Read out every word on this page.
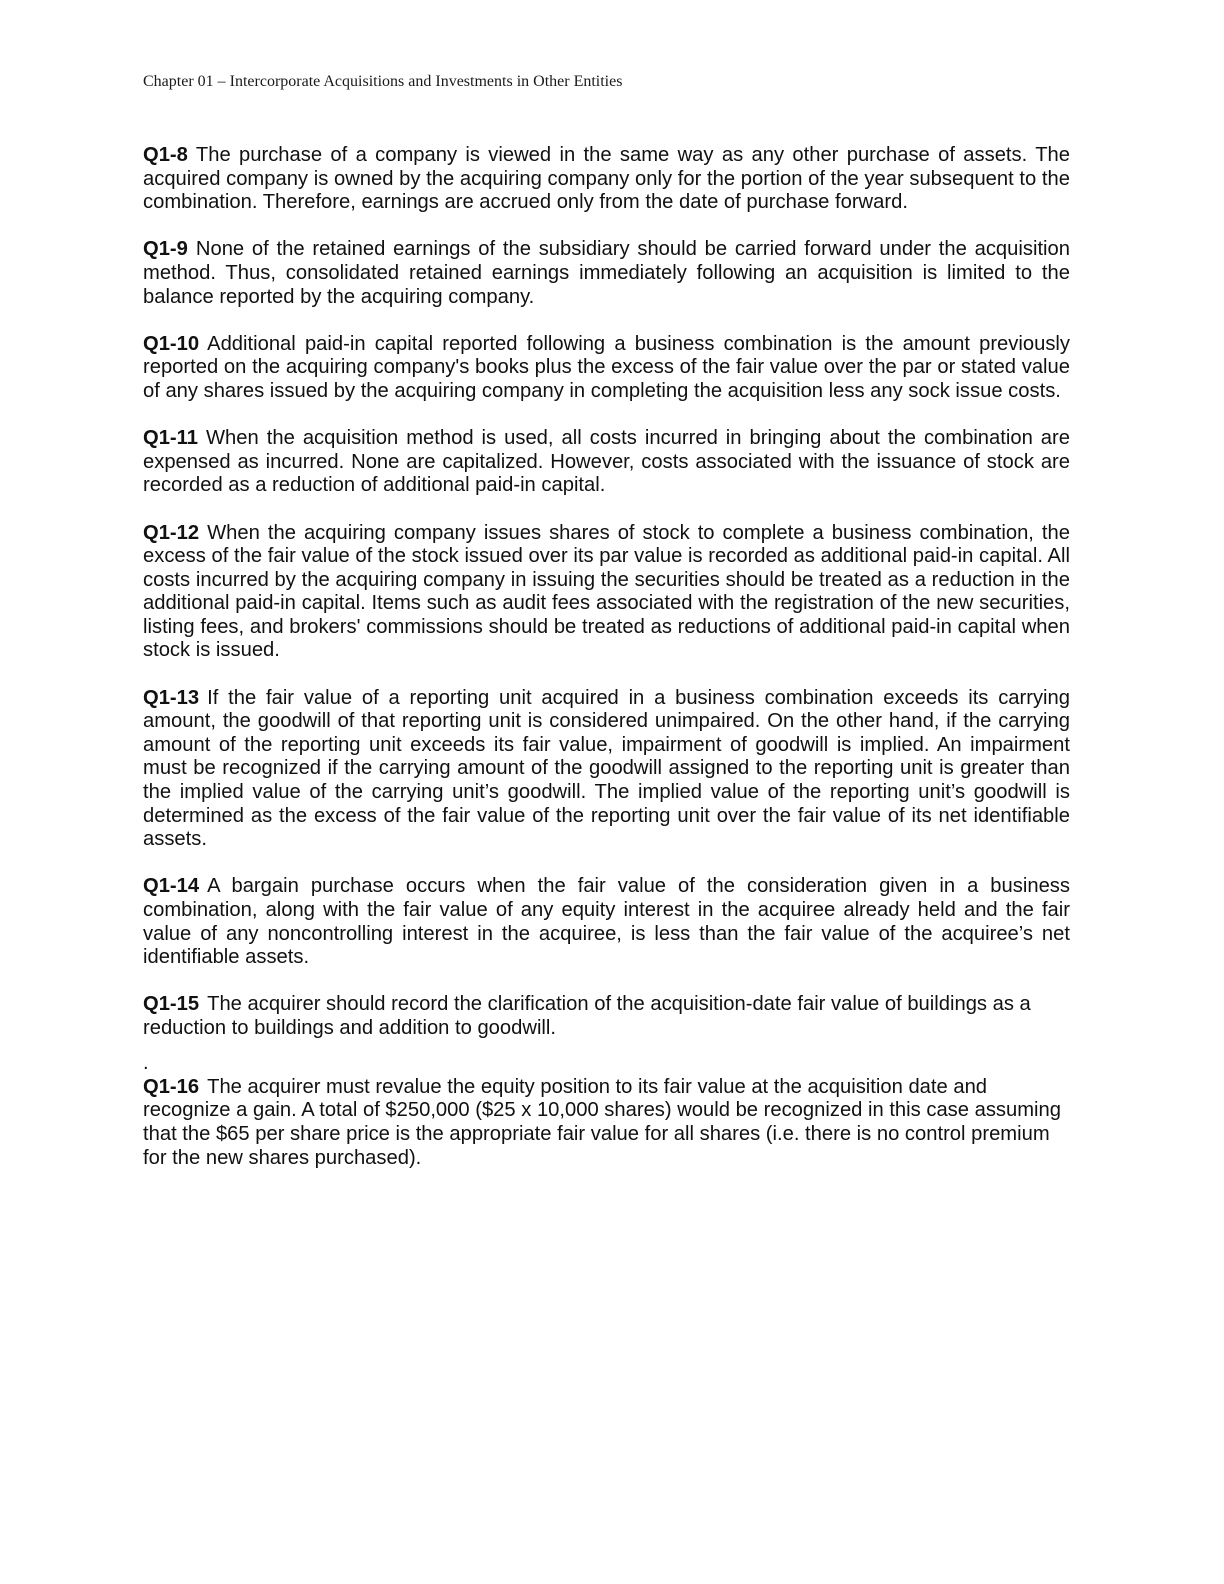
Chapter 01 – Intercorporate Acquisitions and Investments in Other Entities

Q1-8 The purchase of a company is viewed in the same way as any other purchase of assets. The acquired company is owned by the acquiring company only for the portion of the year subsequent to the combination. Therefore, earnings are accrued only from the date of purchase forward.

Q1-9 None of the retained earnings of the subsidiary should be carried forward under the acquisition method. Thus, consolidated retained earnings immediately following an acquisition is limited to the balance reported by the acquiring company.

Q1-10 Additional paid-in capital reported following a business combination is the amount previously reported on the acquiring company's books plus the excess of the fair value over the par or stated value of any shares issued by the acquiring company in completing the acquisition less any sock issue costs.

Q1-11 When the acquisition method is used, all costs incurred in bringing about the combination are expensed as incurred. None are capitalized. However, costs associated with the issuance of stock are recorded as a reduction of additional paid-in capital.

Q1-12 When the acquiring company issues shares of stock to complete a business combination, the excess of the fair value of the stock issued over its par value is recorded as additional paid-in capital. All costs incurred by the acquiring company in issuing the securities should be treated as a reduction in the additional paid-in capital. Items such as audit fees associated with the registration of the new securities, listing fees, and brokers' commissions should be treated as reductions of additional paid-in capital when stock is issued.

Q1-13 If the fair value of a reporting unit acquired in a business combination exceeds its carrying amount, the goodwill of that reporting unit is considered unimpaired. On the other hand, if the carrying amount of the reporting unit exceeds its fair value, impairment of goodwill is implied. An impairment must be recognized if the carrying amount of the goodwill assigned to the reporting unit is greater than the implied value of the carrying unit’s goodwill. The implied value of the reporting unit’s goodwill is determined as the excess of the fair value of the reporting unit over the fair value of its net identifiable assets.

Q1-14 A bargain purchase occurs when the fair value of the consideration given in a business combination, along with the fair value of any equity interest in the acquiree already held and the fair value of any noncontrolling interest in the acquiree, is less than the fair value of the acquiree’s net identifiable assets.

Q1-15 The acquirer should record the clarification of the acquisition-date fair value of buildings as a reduction to buildings and addition to goodwill.

.

Q1-16 The acquirer must revalue the equity position to its fair value at the acquisition date and recognize a gain. A total of $250,000 ($25 x 10,000 shares) would be recognized in this case assuming that the $65 per share price is the appropriate fair value for all shares (i.e. there is no control premium for the new shares purchased).
